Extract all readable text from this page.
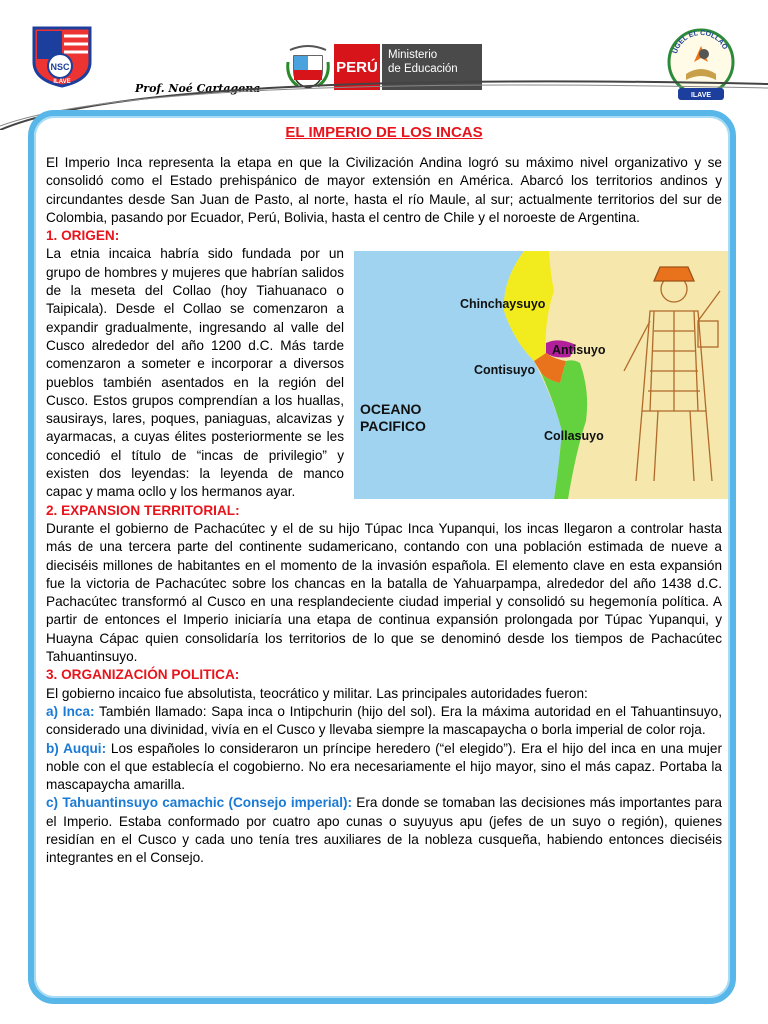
NSC
ILAVE	Prof. Noé Cartagena
PERÚ
Ministerio
de Educación
UGEL EL COLLAO
ILAVE
EL IMPERIO DE LOS INCAS

El Imperio Inca representa la etapa en que la Civilización Andina logró su máximo nivel organizativo y se consolidó como el Estado prehispánico de mayor extensión en América. Abarcó los territorios andinos y circundantes desde San Juan de Pasto, al norte, hasta el río Maule, al sur; actualmente territorios del sur de Colombia, pasando por Ecuador, Perú, Bolivia, hasta el centro de Chile y el noroeste de Argentina.

1. ORIGEN:
Chinchaysuyo
Antisuyo
Contisuyo
Collasuyo
OCEANO
PACIFICO

La etnia incaica habría sido fundada por un grupo de hombres y mujeres que habrían salidos de la meseta del Collao (hoy Tiahuanaco o Taipicala). Desde el Collao se comenzaron a expandir gradualmente, ingresando al valle del Cusco alrededor del año 1200 d.C. Más tarde comenzaron a someter e incorporar a diversos pueblos también asentados en la región del Cusco. Estos grupos comprendían a los huallas, sausirays, lares, poques, paniaguas, alcavizas y ayarmacas, a cuyas élites posteriormente se les concedió el título de “incas de privilegio” y existen dos leyendas: la leyenda de manco capac y mama ocllo y los hermanos ayar.

2. EXPANSION TERRITORIAL:

Durante el gobierno de Pachacútec y el de su hijo Túpac Inca Yupanqui, los incas llegaron a controlar hasta más de una tercera parte del continente sudamericano, contando con una población estimada de nueve a dieciséis millones de habitantes en el momento de la invasión española. El elemento clave en esta expansión fue la victoria de Pachacútec sobre los chancas en la batalla de Yahuarpampa, alrededor del año 1438 d.C. Pachacútec transformó al Cusco en una resplandeciente ciudad imperial y consolidó su hegemonía política. A partir de entonces el Imperio iniciaría una etapa de continua expansión prolongada por Túpac Yupanqui, y Huayna Cápac quien consolidaría los territorios de lo que se denominó desde los tiempos de Pachacútec Tahuantinsuyo.

3. ORGANIZACIÓN POLITICA:

El gobierno incaico fue absolutista, teocrático y militar. Las principales autoridades fueron:

a) Inca: También llamado: Sapa inca o Intipchurin (hijo del sol). Era la máxima autoridad en el Tahuantinsuyo, considerado una divinidad, vivía en el Cusco y llevaba siempre la mascapaycha o borla imperial de color roja.

b) Auqui: Los españoles lo consideraron un príncipe heredero (“el elegido”). Era el hijo del inca en una mujer noble con el que establecía el cogobierno. No era necesariamente el hijo mayor, sino el más capaz. Portaba la mascapaycha amarilla.

c) Tahuantinsuyo camachic (Consejo imperial): Era donde se tomaban las decisiones más importantes para el Imperio. Estaba conformado por cuatro apo cunas o suyuyus apu (jefes de un suyo o región), quienes residían en el Cusco y cada uno tenía tres auxiliares de la nobleza cusqueña, habiendo entonces dieciséis integrantes en el Consejo.
